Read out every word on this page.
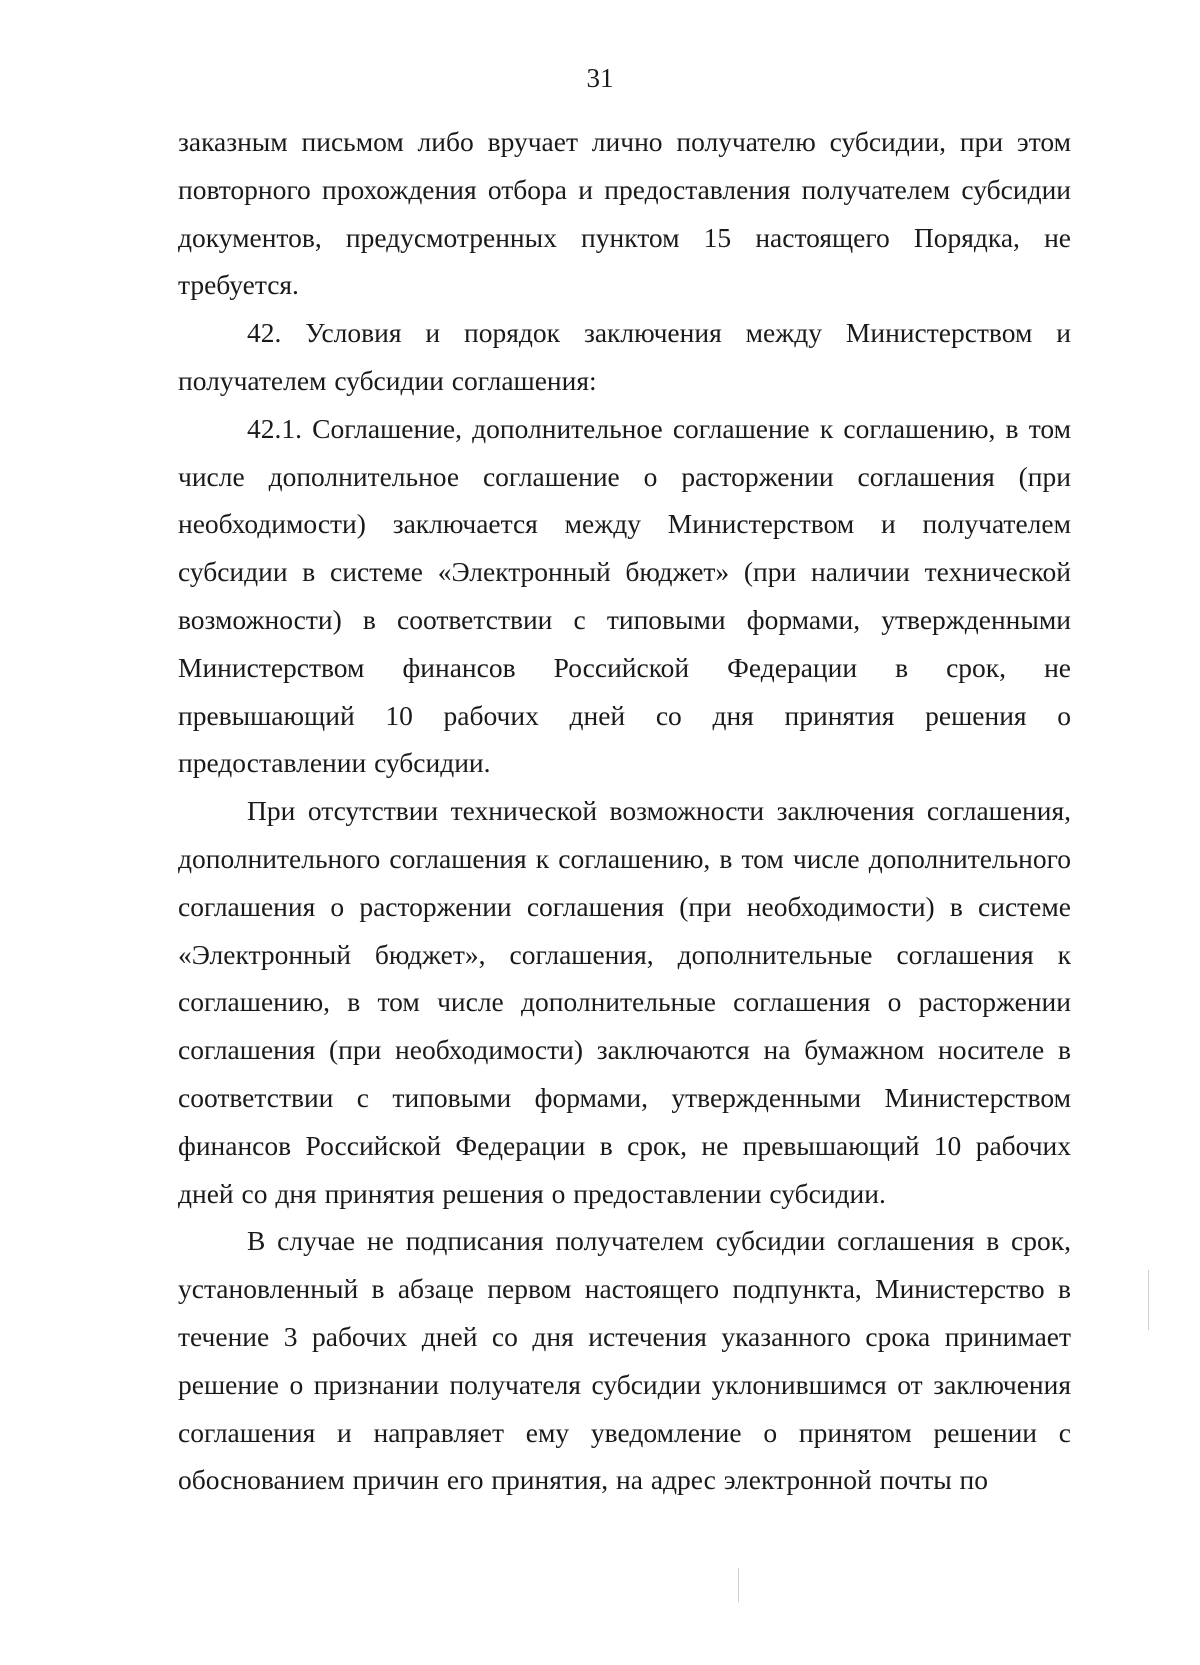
31

заказным письмом либо вручает лично получателю субсидии, при этом повторного прохождения отбора и предоставления получателем субсидии документов, предусмотренных пунктом 15 настоящего Порядка, не требуется.

42. Условия и порядок заключения между Министерством и получателем субсидии соглашения:

42.1. Соглашение, дополнительное соглашение к соглашению, в том числе дополнительное соглашение о расторжении соглашения (при необходимости) заключается между Министерством и получателем субсидии в системе «Электронный бюджет» (при наличии технической возможности) в соответствии с типовыми формами, утвержденными Министерством финансов Российской Федерации в срок, не превышающий 10 рабочих дней со дня принятия решения о предоставлении субсидии.

При отсутствии технической возможности заключения соглашения, дополнительного соглашения к соглашению, в том числе дополнительного соглашения о расторжении соглашения (при необходимости) в системе «Электронный бюджет», соглашения, дополнительные соглашения к соглашению, в том числе дополнительные соглашения о расторжении соглашения (при необходимости) заключаются на бумажном носителе в соответствии с типовыми формами, утвержденными Министерством финансов Российской Федерации в срок, не превышающий 10 рабочих дней со дня принятия решения о предоставлении субсидии.

В случае не подписания получателем субсидии соглашения в срок, установленный в абзаце первом настоящего подпункта, Министерство в течение 3 рабочих дней со дня истечения указанного срока принимает решение о признании получателя субсидии уклонившимся от заключения соглашения и направляет ему уведомление о принятом решении с обоснованием причин его принятия, на адрес электронной почты по
